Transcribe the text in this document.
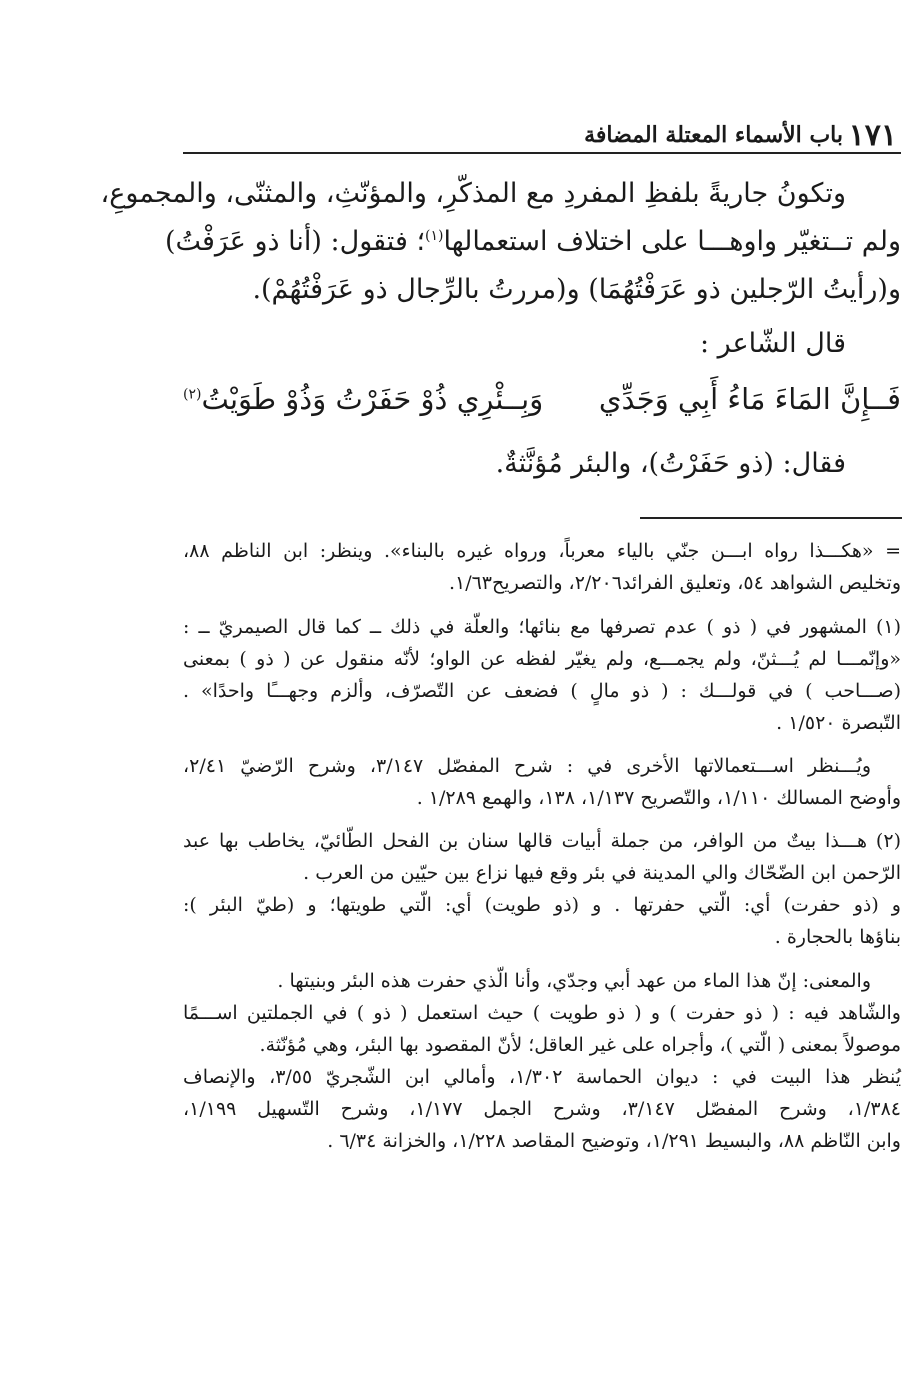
١٧١
باب الأسماء المعتلة المضافة
وتكونُ جاريةً بلفظِ المفردِ مع المذكّرِ، والمؤنّثِ، والمثنّى، والمجموعِ،
ولم تــتغيّر واوهـــا على اختلاف استعمالها$^{(١)}$؛ فتقول: (أنا ذو عَرَفْتُ)
و(رأيتُ الرّجلين ذو عَرَفْتُهُمَا) و(مررتُ بالرِّجال ذو عَرَفْتُهُمْ).
قال الشّاعر :
فَــإِنَّ المَاءَ مَاءُ أَبِي وَجَدِّي
وَبِــئْرِي ذُوْ حَفَرْتُ وَذُوْ طَوَيْتُ$^{(٢)}$
فقال: (ذو حَفَرْتُ)، والبئر مُؤنَّثةٌ.
= «هكـــذا رواه ابـــن جنّي بالياء معرباً، ورواه غيره بالبناء». وينظر: ابن الناظم ٨٨،
وتخليص الشواهد ٥٤، وتعليق الفرائد٢/٢٠٦، والتصريح١/٦٣.
(١) المشهور في ( ذو ) عدم تصرفها مع بنائها؛ والعلّة في ذلك ــ كما قال الصيمريّ ــ :
«وإنّمـــا لم يُـــثنّ، ولم يجمـــع، ولم يغيّر لفظه عن الواو؛ لأنّه منقول عن ( ذو ) بمعنى
(صـــاحب ) في قولـــك : ( ذو مالٍ ) فضعف عن التّصرّف، وألزم وجهـــًا واحدًا» .
التّبصرة ١/٥٢٠ .
ويُـــنظر اســـتعمالاتها الأخرى في : شرح المفصّل ٣/١٤٧، وشرح الرّضيّ ٢/٤١،
وأوضح المسالك ١/١١٠، والتّصريح ١/١٣٧، ١٣٨، والهمع ١/٢٨٩ .
(٢) هـــذا بيتٌ من الوافر، من جملة أبيات قالها سنان بن الفحل الطّائيّ، يخاطب بها عبد
الرّحمن ابن الضّحّاك والي المدينة في بئر وقع فيها نزاع بين حيّين من العرب .
و (ذو حفرت) أي: الّتي حفرتها . و (ذو طويت) أي: الّتي طويتها؛ و (طيّ البئر ):
بناؤها بالحجارة .
والمعنى: إنّ هذا الماء من عهد أبي وجدّي، وأنا الّذي حفرت هذه البئر وبنيتها .
والشّاهد فيه : ( ذو حفرت ) و ( ذو طويت ) حيث استعمل ( ذو ) في الجملتين اســـمًا
موصولاً بمعنى ( الّتي )، وأجراه على غير العاقل؛ لأنّ المقصود بها البئر، وهي مُؤنّثة.
يُنظر هذا البيت في : ديوان الحماسة ١/٣٠٢، وأمالي ابن الشّجريّ ٣/٥٥، والإنصاف
١/٣٨٤، وشرح المفصّل ٣/١٤٧، وشرح الجمل ١/١٧٧، وشرح التّسهيل ١/١٩٩،
وابن النّاظم ٨٨، والبسيط ١/٢٩١، وتوضيح المقاصد ١/٢٢٨، والخزانة ٦/٣٤ .
